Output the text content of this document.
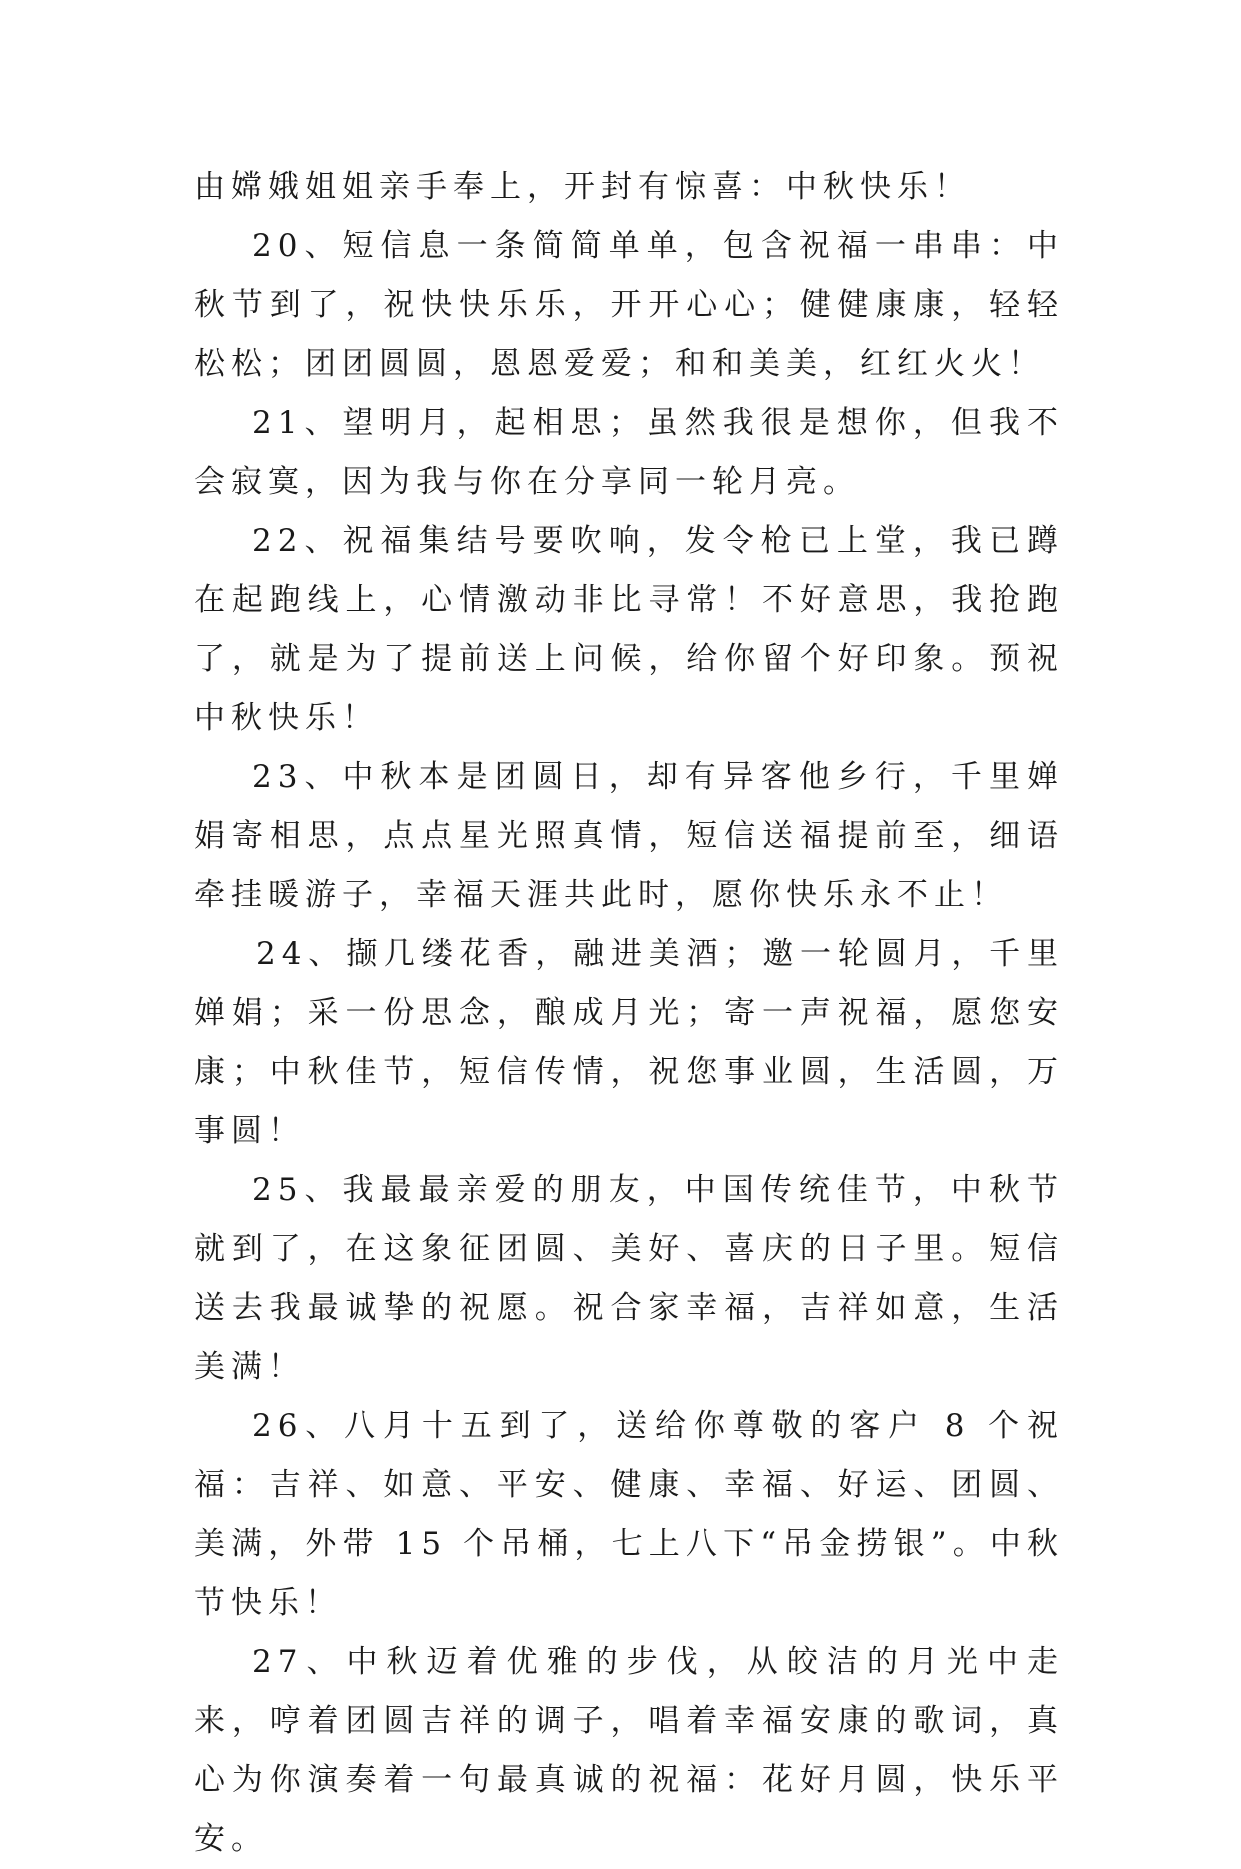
由嫦娥姐姐亲手奉上，开封有惊喜：中秋快乐！

20、短信息一条简简单单，包含祝福一串串：中秋节到了，祝快快乐乐，开开心心；健健康康，轻轻松松；团团圆圆，恩恩爱爱；和和美美，红红火火！

21、望明月，起相思；虽然我很是想你，但我不会寂寞，因为我与你在分享同一轮月亮。

22、祝福集结号要吹响，发令枪已上堂，我已蹲在起跑线上，心情激动非比寻常！不好意思，我抢跑了，就是为了提前送上问候，给你留个好印象。预祝中秋快乐！

23、中秋本是团圆日，却有异客他乡行，千里婵娟寄相思，点点星光照真情，短信送福提前至，细语牵挂暖游子，幸福天涯共此时，愿你快乐永不止！

24、撷几缕花香，融进美酒；邀一轮圆月，千里婵娟；采一份思念，酿成月光；寄一声祝福，愿您安康；中秋佳节，短信传情，祝您事业圆，生活圆，万事圆！

25、我最最亲爱的朋友，中国传统佳节，中秋节就到了，在这象征团圆、美好、喜庆的日子里。短信送去我最诚挚的祝愿。祝合家幸福，吉祥如意，生活美满！

26、八月十五到了，送给你尊敬的客户 8 个祝福：吉祥、如意、平安、健康、幸福、好运、团圆、美满，外带 15 个吊桶，七上八下“吊金捞银”。中秋节快乐！

27、中秋迈着优雅的步伐，从皎洁的月光中走来，哼着团圆吉祥的调子，唱着幸福安康的歌词，真心为你演奏着一句最真诚的祝福：花好月圆，快乐平安。
